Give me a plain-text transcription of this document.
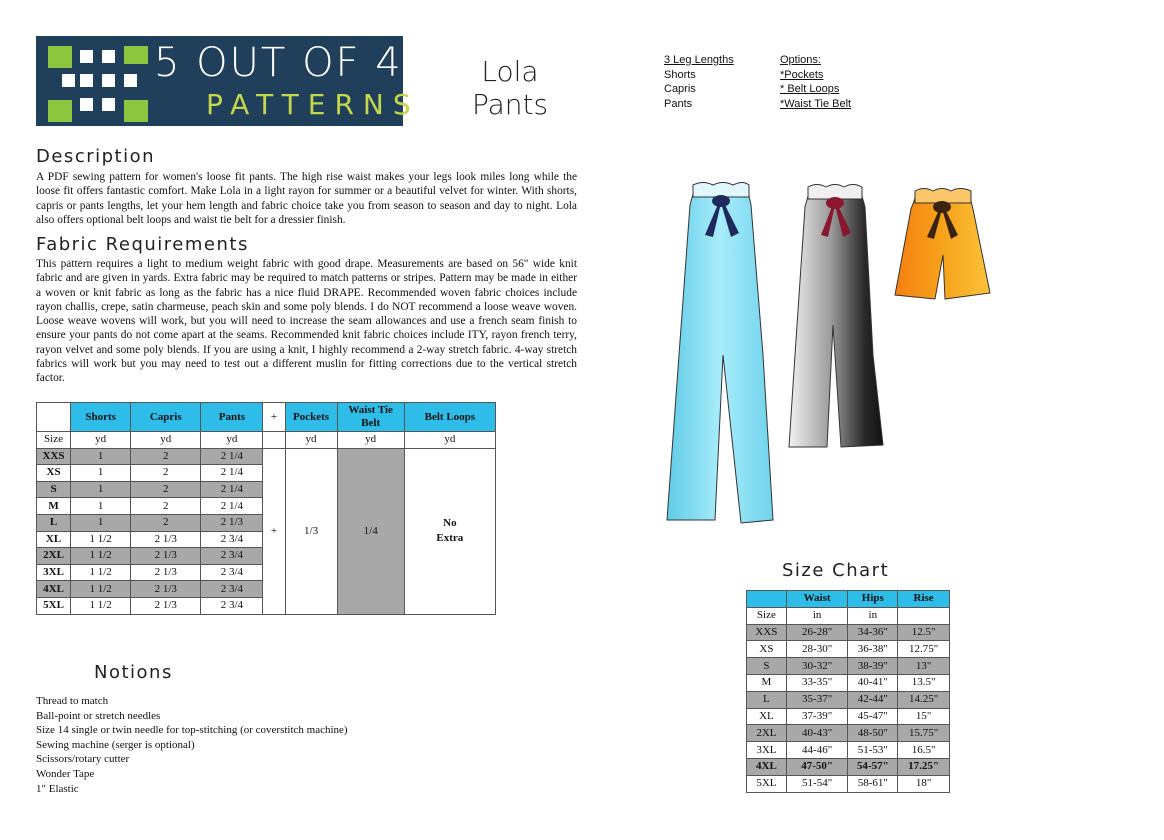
5 OUT OF 4
PATTERNS
Lola
Pants
3 Leg Lengths
Shorts
Capris
Pants
Options:
*Pockets
* Belt Loops
*Waist Tie Belt
Description

A PDF sewing pattern for women's loose fit pants. The high rise waist makes your legs look miles long while the loose fit offers fantastic comfort. Make Lola in a light rayon for summer or a beautiful velvet for winter. With shorts, capris or pants lengths, let your hem length and fabric choice take you from season to season and day to night. Lola also offers optional belt loops and waist tie belt for a dressier finish.

Fabric Requirements

This pattern requires a light to medium weight fabric with good drape. Measurements are based on 56" wide knit fabric and are given in yards. Extra fabric may be required to match patterns or stripes. Pattern may be made in either a woven or knit fabric as long as the fabric has a nice fluid DRAPE. Recommended woven fabric choices include rayon challis, crepe, satin charmeuse, peach skin and some poly blends. I do NOT recommend a loose weave woven. Loose weave wovens will work, but you will need to increase the seam allowances and use a french seam finish to ensure your pants do not come apart at the seams. Recommended knit fabric choices include ITY, rayon french terry, rayon velvet and some poly blends. If you are using a knit, I highly recommend a 2-way stretch fabric. 4-way stretch fabrics will work but you may need to test out a different muslin for fitting corrections due to the vertical stretch factor.

	Shorts	Capris	Pants	+	Pockets	Waist Tie Belt	Belt Loops
Size	yd	yd	yd		yd	yd	yd
XXS	1	2	2 1/4	+	1/3	1/4	No
Extra

XS	1	2	2 1/4				
S	1	2	2 1/4				
M	1	2	2 1/4				
L	1	2	2 1/3				
XL	1 1/2	2 1/3	2 3/4				
2XL	1 1/2	2 1/3	2 3/4				
3XL	1 1/2	2 1/3	2 3/4				
4XL	1 1/2	2 1/3	2 3/4				
5XL	1 1/2	2 1/3	2 3/4				
Notions
Thread to match
Ball-point or stretch needles
Size 14 single or twin needle for top-stitching (or coverstitch machine)
Sewing machine (serger is optional)
Scissors/rotary cutter
Wonder Tape
1" Elastic
Size Chart
	Waist	Hips	Rise
Size	in	in	
XXS	26-28"	34-36"	12.5"
XS	28-30"	36-38"	12.75"
S	30-32"	38-39"	13"
M	33-35"	40-41"	13.5"
L	35-37"	42-44"	14.25"
XL	37-39"	45-47"	15"
2XL	40-43"	48-50"	15.75"
3XL	44-46"	51-53"	16.5"
4XL	47-50"	54-57"	17.25"
5XL	51-54"	58-61"	18"
